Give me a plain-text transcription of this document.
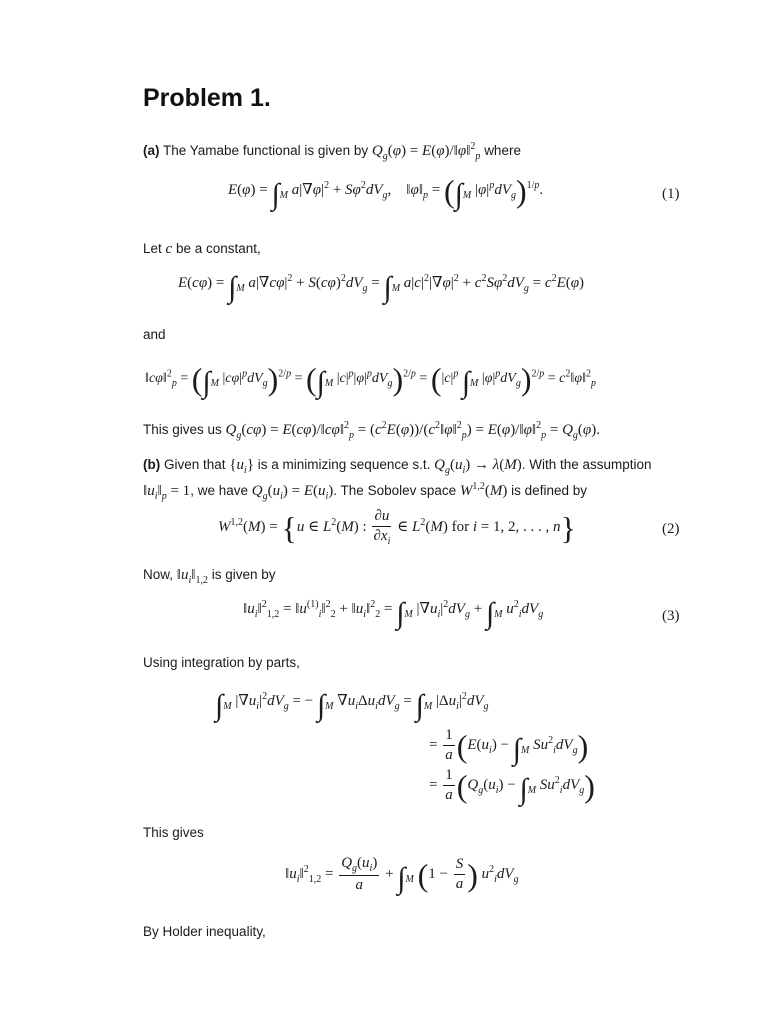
Problem 1.

(a) The Yamabe functional is given by $Q_g(\varphi)$ = E(φ)/‖φ‖$^2_p$ where

$E(\varphi) = \int_M$ $a|\nabla\varphi|^2 + S\varphi^2dV_g$,    $‖\varphi‖_p = (\int_M$ $|\varphi|^pdV_g)^{1/p}$.	(1)

Let c be a constant,

$E(c\varphi) = \int_M$ $a|\nabla c\varphi|^2 + S(c\varphi)^2dV_g = \int_M$ $a|c|^2|\nabla\varphi|^2 + c^2S\varphi^2dV_g = c^2E(\varphi)$

and

‖cφ‖$^2_p$ = ($\int_M$ $|c\varphi|^pdV_g)^{2/p} = (\int_M$ $|c|^p|\varphi|^pdV_g)^{2/p} = (|c|^p$ $\int_M$ $|\varphi|^pdV_g)^{2/p}$ = $c^2‖\varphi‖^2_p$

This gives us $Q_g(c\varphi)$ = E(cφ)/‖cφ‖$^2_p$ = $(c^2E(\varphi))/(c^2‖\varphi‖^2_p)$ = E(φ)/‖φ‖$^2_p$ = $Q_g(\varphi)$.

(b) Given that $\{u_i\}$ is a minimizing sequence s.t. $Q_g(u_i) \to \lambda(M)$. With the assumption

$‖u_i‖_p = 1$, we have $Q_g(u_i) = E(u_i)$. The Sobolev space W$^{1,2}$(M) is defined by

W$^{1,2}$(M) = {u ∈ $L^2(M)$ : $\frac{\partial u}{\partial x_i}$ ∈ $L^2(M)$ for i = 1, 2, . . . , n}	(2)

Now, $‖u_i‖_{1,2}$ is given by

$‖u_i‖^2_{1,2}$ = $‖u^{(1)}_i‖^2_2$ + $‖u_i‖^2_2 = \int_M$ $|\nabla u_i|^2dV_g + \int_M$ $u^2_idV_g$	(3)

Using integration by parts,

$\int_M$ $|\nabla u_i|^2dV_g$ = − $\int_M$ $\nabla u_i\Delta u_idV_g = \int_M$ $|\Delta u_i|^2dV_g$
= $\frac{1}{a} (E(u_i) - \int_M$ $Su^2_idV_g$)
= $\frac{1}{a} (Q_g(u_i) - \int_M$ $Su^2_idV_g$)

This gives

$‖u_i‖^2_{1,2} = \frac{Q_g(u_i)}{a} + \int_M$ ($1 - \frac{S}{a}$ ) $u^2_idV_g$

By Holder inequality,
